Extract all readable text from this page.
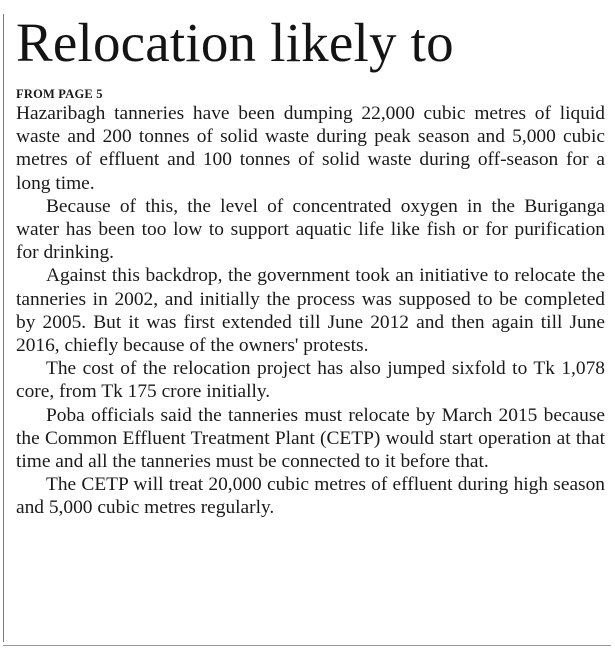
Relocation likely to
FROM PAGE 5

Hazaribagh tanneries have been dumping 22,000 cubic metres of liquid waste and 200 tonnes of solid waste during peak season and 5,000 cubic metres of effluent and 100 tonnes of solid waste during off-season for a long time.

Because of this, the level of concentrated oxygen in the Buriganga water has been too low to support aquatic life like fish or for purification for drinking.

Against this backdrop, the government took an initiative to relocate the tanneries in 2002, and initially the process was supposed to be completed by 2005. But it was first extended till June 2012 and then again till June 2016, chiefly because of the owners' protests.

The cost of the relocation project has also jumped sixfold to Tk 1,078 core, from Tk 175 crore initially.

Poba officials said the tanneries must relocate by March 2015 because the Common Effluent Treatment Plant (CETP) would start operation at that time and all the tanneries must be connected to it before that.

The CETP will treat 20,000 cubic metres of effluent during high season and 5,000 cubic metres regularly.
